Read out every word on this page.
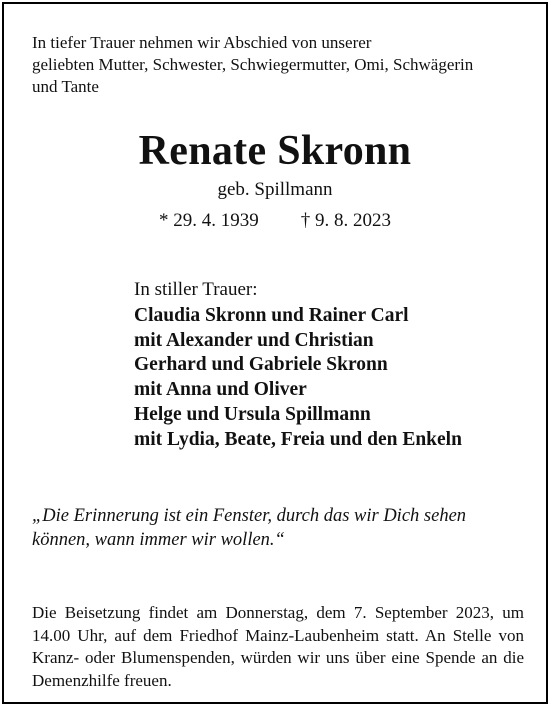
In tiefer Trauer nehmen wir Abschied von unserer

geliebten Mutter, Schwester, Schwiegermutter, Omi, Schwägerin

und Tante

Renate Skronn
geb. Spillmann
* 29. 4. 1939 † 9. 8. 2023

In stiller Trauer:

Claudia Skronn und Rainer Carl
mit Alexander und Christian
Gerhard und Gabriele Skronn
mit Anna und Oliver
Helge und Ursula Spillmann
mit Lydia, Beate, Freia und den Enkeln

„Die Erinnerung ist ein Fenster, durch das wir Dich sehen

können, wann immer wir wollen.“

Die Beisetzung findet am Donnerstag, dem 7. September 2023, um 14.00 Uhr, auf dem Friedhof Mainz-Laubenheim statt. An Stelle von Kranz- oder Blumenspenden, würden wir uns über eine Spende an die Demenzhilfe freuen.
